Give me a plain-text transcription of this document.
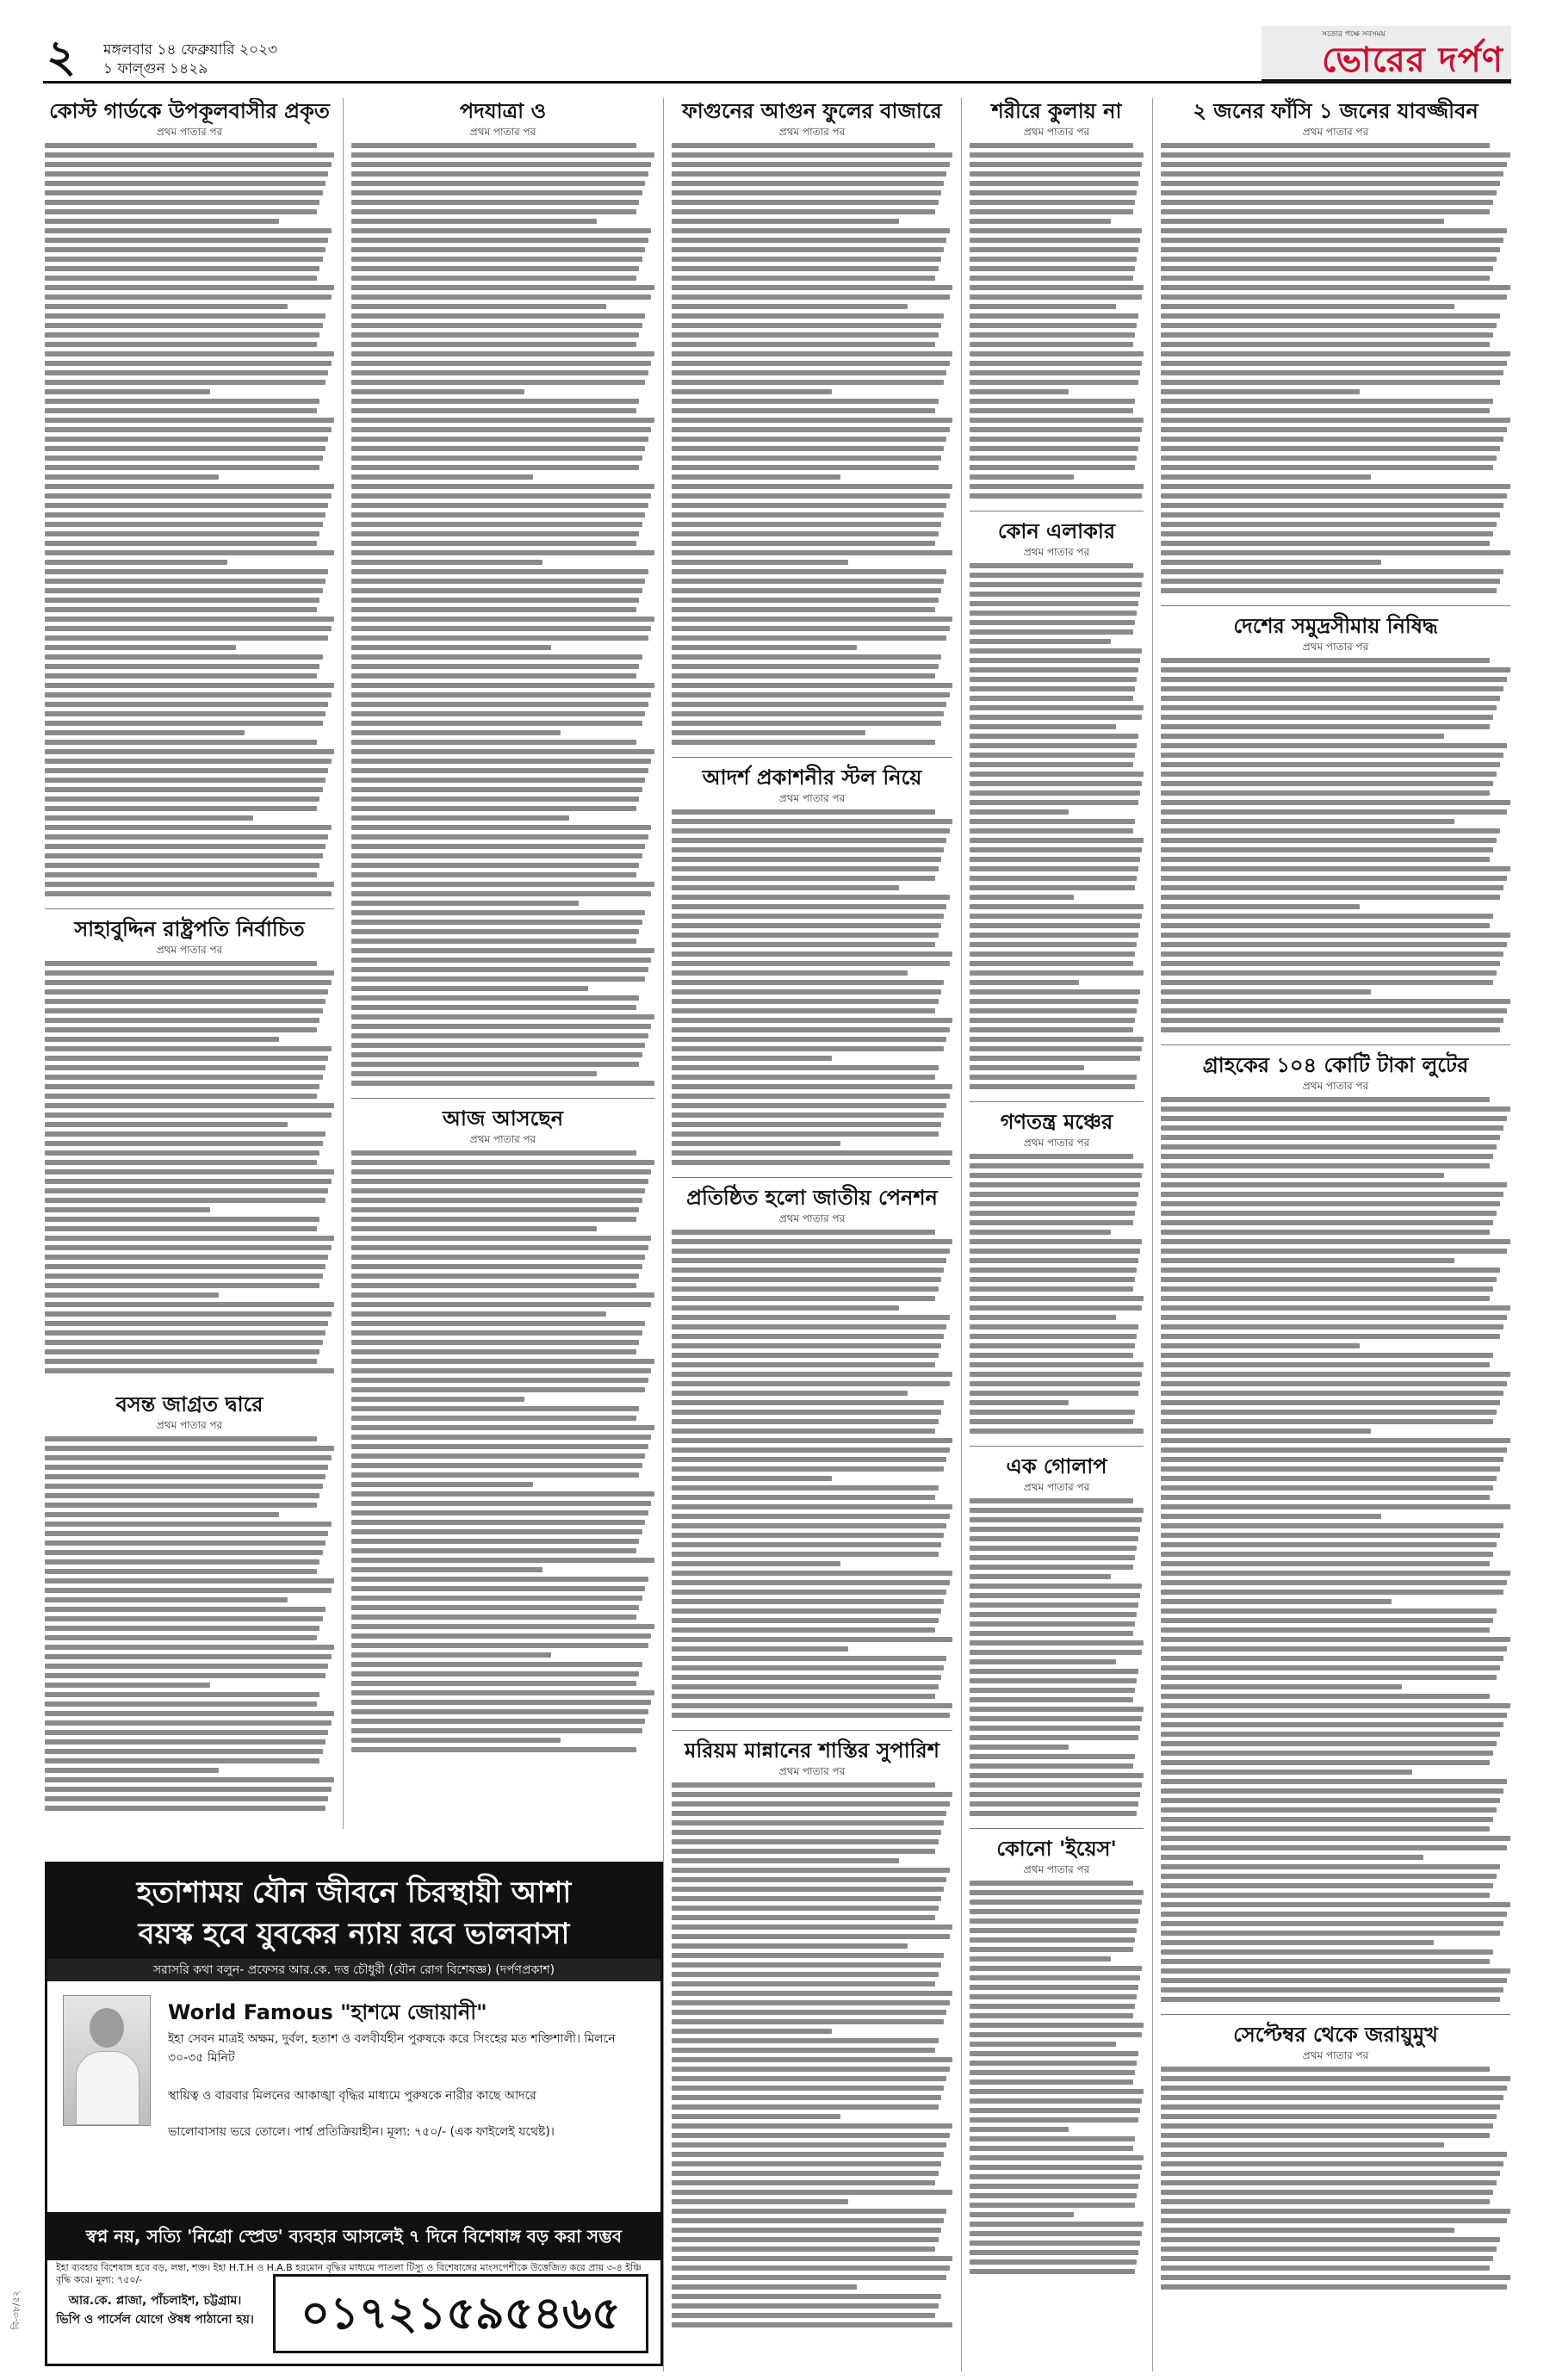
২ মঙ্গলবার ১৪ ফেব্রুয়ারি ২০২৩
১ ফাল্গুন ১৪২৯
সত্যের পক্ষে সবসময়
ভোরের দর্পণ
কোস্ট গার্ডকে উপকূলবাসীর প্রকৃত
প্রথম পাতার পর
সাহাবুদ্দিন রাষ্ট্রপতি নির্বাচিত
প্রথম পাতার পর
পদযাত্রা ও
প্রথম পাতার পর
আজ আসছেন
প্রথম পাতার পর
বসন্ত জাগ্রত দ্বারে
প্রথম পাতার পর
ফাগুনের আগুন ফুলের বাজারে
প্রথম পাতার পর
আদর্শ প্রকাশনীর স্টল নিয়ে
প্রথম পাতার পর
প্রতিষ্ঠিত হলো জাতীয় পেনশন
প্রথম পাতার পর
মরিয়ম মান্নানের শাস্তির সুপারিশ
প্রথম পাতার পর
শরীরে কুলায় না
প্রথম পাতার পর
কোন এলাকার
প্রথম পাতার পর
গণতন্ত্র মঞ্চের
প্রথম পাতার পর
এক গোলাপ
প্রথম পাতার পর
কোনো 'ইয়েস'
প্রথম পাতার পর
২ জনের ফাঁসি ১ জনের যাবজ্জীবন
প্রথম পাতার পর
দেশের সমুদ্রসীমায় নিষিদ্ধ
প্রথম পাতার পর
গ্রাহকের ১০৪ কোটি টাকা লুটের
প্রথম পাতার পর
সেপ্টেম্বর থেকে জরায়ুমুখ
প্রথম পাতার পর
হতাশাময় যৌন জীবনে চিরস্থায়ী আশা
বয়স্ক হবে যুবকের ন্যায় রবে ভালবাসা
সরাসরি কথা বলুন- প্রফেসর আর.কে. দত্ত চৌধুরী (যৌন রোগ বিশেষজ্ঞ) (দর্পণপ্রকাশ)
World Famous "হাশমে জোয়ানী"
ইহা সেবন মাত্রই অক্ষম, দুর্বল, হতাশ ও বলবীর্যহীন পুরুষকে করে সিংহের মত শক্তিশালী। মিলনে ৩০-৩৫ মিনিট
স্থায়িত্ব ও বারবার মিলনের আকাঙ্খা বৃদ্ধির মাধ্যমে পুরুষকে নারীর কাছে আদরে
ভালোবাসায় ভরে তোলে। পার্শ্ব প্রতিক্রিয়াহীন। মূল্য: ৭৫০/- (এক ফাইলেই যথেষ্ট)।
স্বপ্ন নয়, সত্যি 'নিগ্রো স্প্রেড' ব্যবহার আসলেই ৭ দিনে বিশেষাঙ্গ বড় করা সম্ভব
ইহা ব্যবহার বিশেষাঙ্গ হবে বড়, লম্বা, শক্ত। ইহা H.T.H ও H.A.B হরমোন বৃদ্ধির মাধ্যমে পাতলা টিস্যু ও বিশেষাঙ্গের মাংসপেশীকে উত্তেজিত করে প্রায় ৩-৪ ইঞ্চি বৃদ্ধি করে। মূল্য: ৭৫০/-
আর.কে. প্লাজা, পাঁচলাইশ, চট্টগ্রাম।
ভিপি ও পার্সেল যোগে ঔষধ পাঠানো হয়।	০১৭২১৫৯৫৪৬৫
বি-৩৮/৫২
